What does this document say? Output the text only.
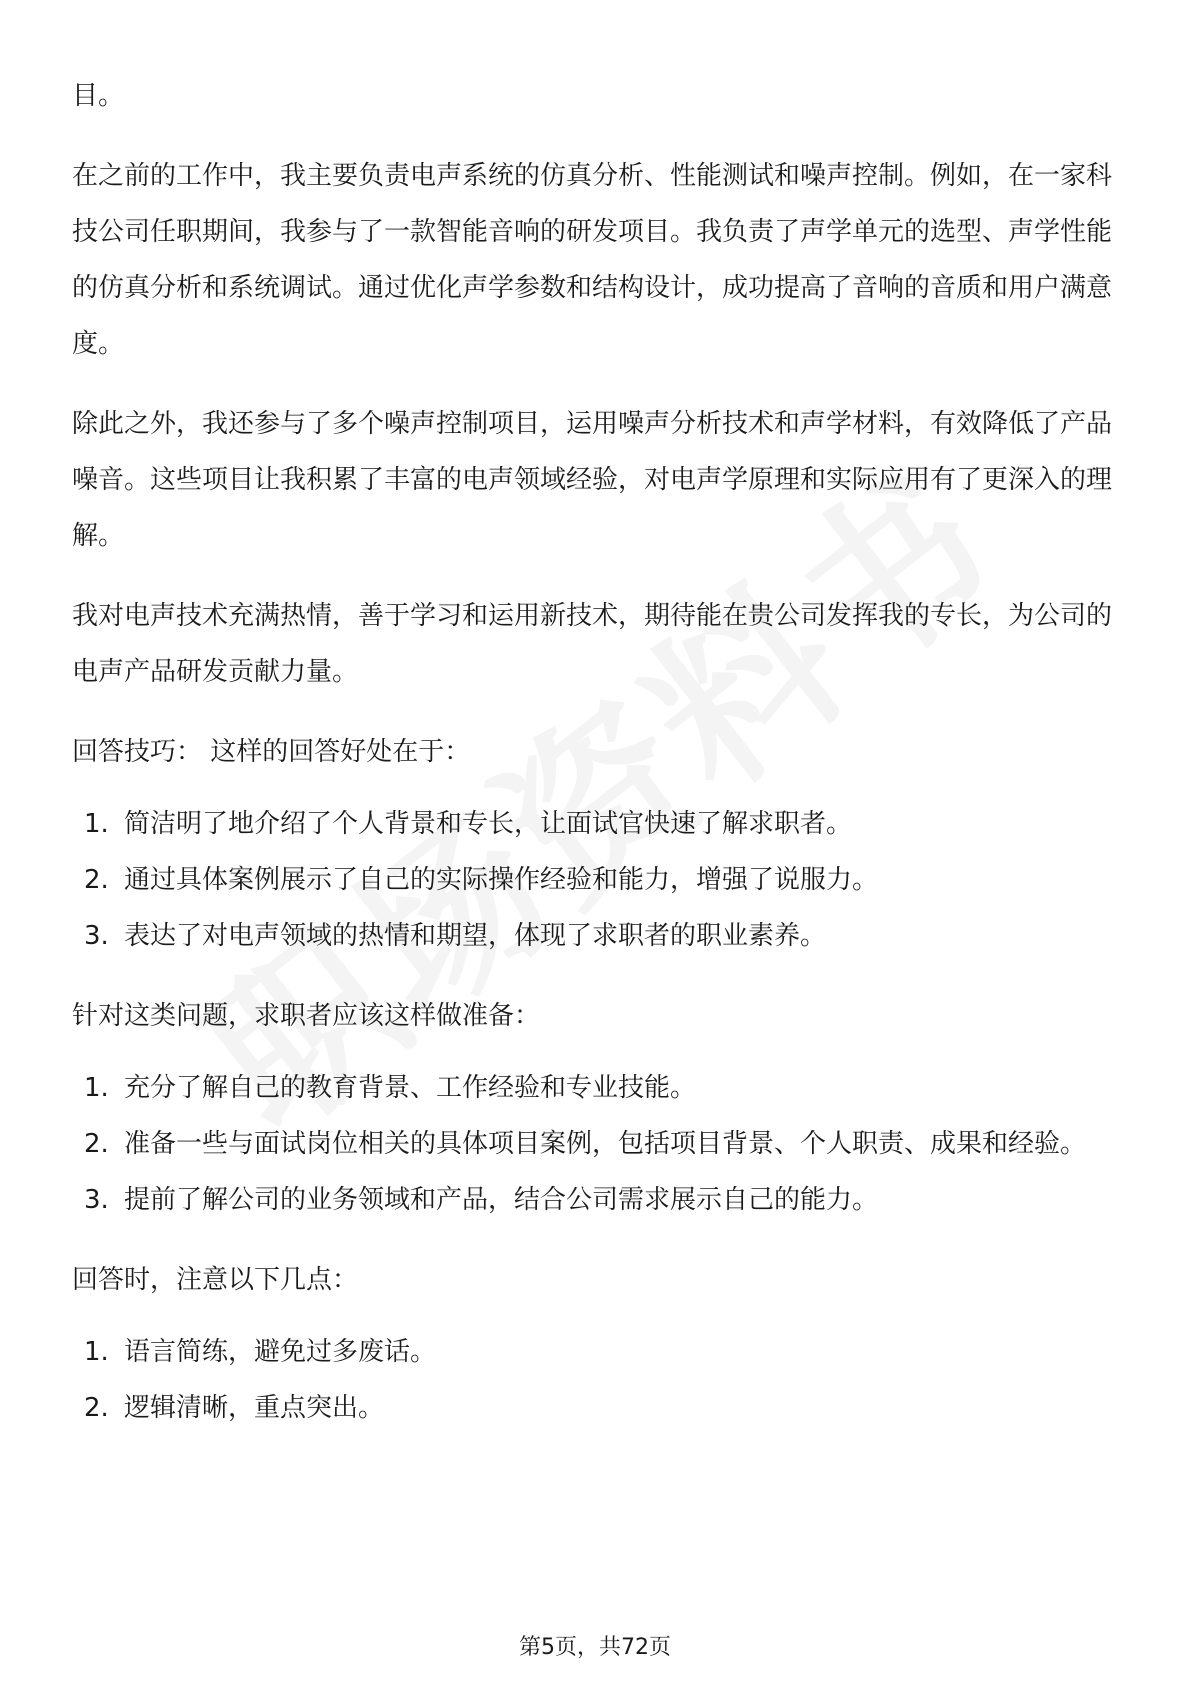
目。

在之前的工作中，我主要负责电声系统的仿真分析、性能测试和噪声控制。例如，在一家科技公司任职期间，我参与了一款智能音响的研发项目。我负责了声学单元的选型、声学性能的仿真分析和系统调试。通过优化声学参数和结构设计，成功提高了音响的音质和用户满意度。

除此之外，我还参与了多个噪声控制项目，运用噪声分析技术和声学材料，有效降低了产品噪音。这些项目让我积累了丰富的电声领域经验，对电声学原理和实际应用有了更深入的理解。

我对电声技术充满热情，善于学习和运用新技术，期待能在贵公司发挥我的专长，为公司的电声产品研发贡献力量。

回答技巧： 这样的回答好处在于：

1. 简洁明了地介绍了个人背景和专长，让面试官快速了解求职者。
2. 通过具体案例展示了自己的实际操作经验和能力，增强了说服力。
3. 表达了对电声领域的热情和期望，体现了求职者的职业素养。

针对这类问题，求职者应该这样做准备：

1. 充分了解自己的教育背景、工作经验和专业技能。
2. 准备一些与面试岗位相关的具体项目案例，包括项目背景、个人职责、成果和经验。
3. 提前了解公司的业务领域和产品，结合公司需求展示自己的能力。

回答时，注意以下几点：

1. 语言简练，避免过多废话。
2. 逻辑清晰，重点突出。
第5页，共72页
